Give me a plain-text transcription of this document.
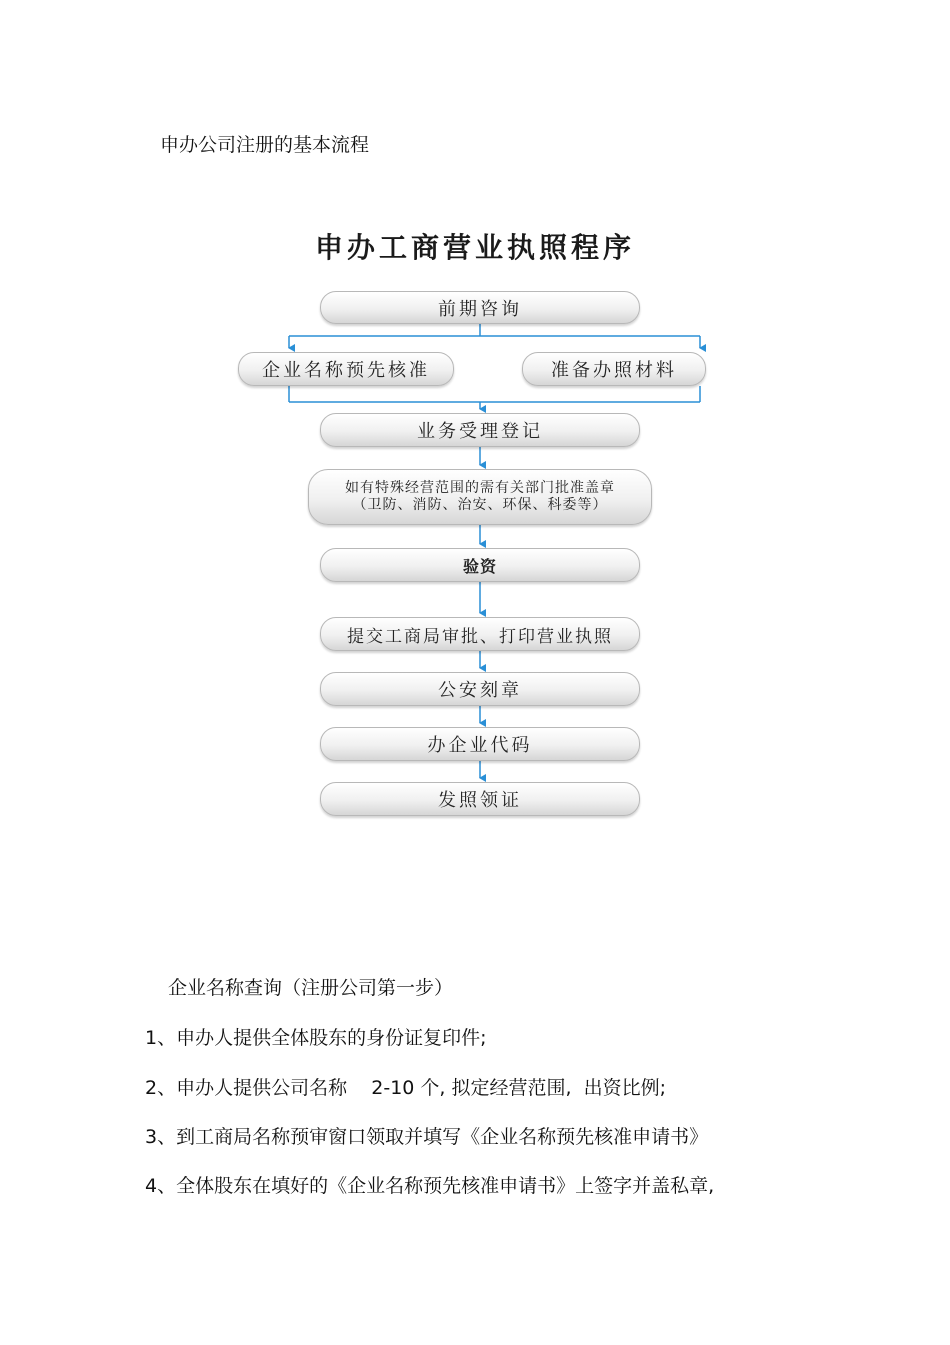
申办公司注册的基本流程
申办工商营业执照程序
前期咨询
企业名称预先核准	准备办照材料
业务受理登记
如有特殊经营范围的需有关部门批准盖章
（卫防、消防、治安、环保、科委等）
验资
提交工商局审批、打印营业执照
公安刻章
办企业代码
发照领证
企业名称查询（注册公司第一步）
1、申办人提供全体股东的身份证复印件;
2、申办人提供公司名称    2-10 个, 拟定经营范围,  出资比例;
3、到工商局名称预审窗口领取并填写《企业名称预先核准申请书》
4、全体股东在填好的《企业名称预先核准申请书》上签字并盖私章,
